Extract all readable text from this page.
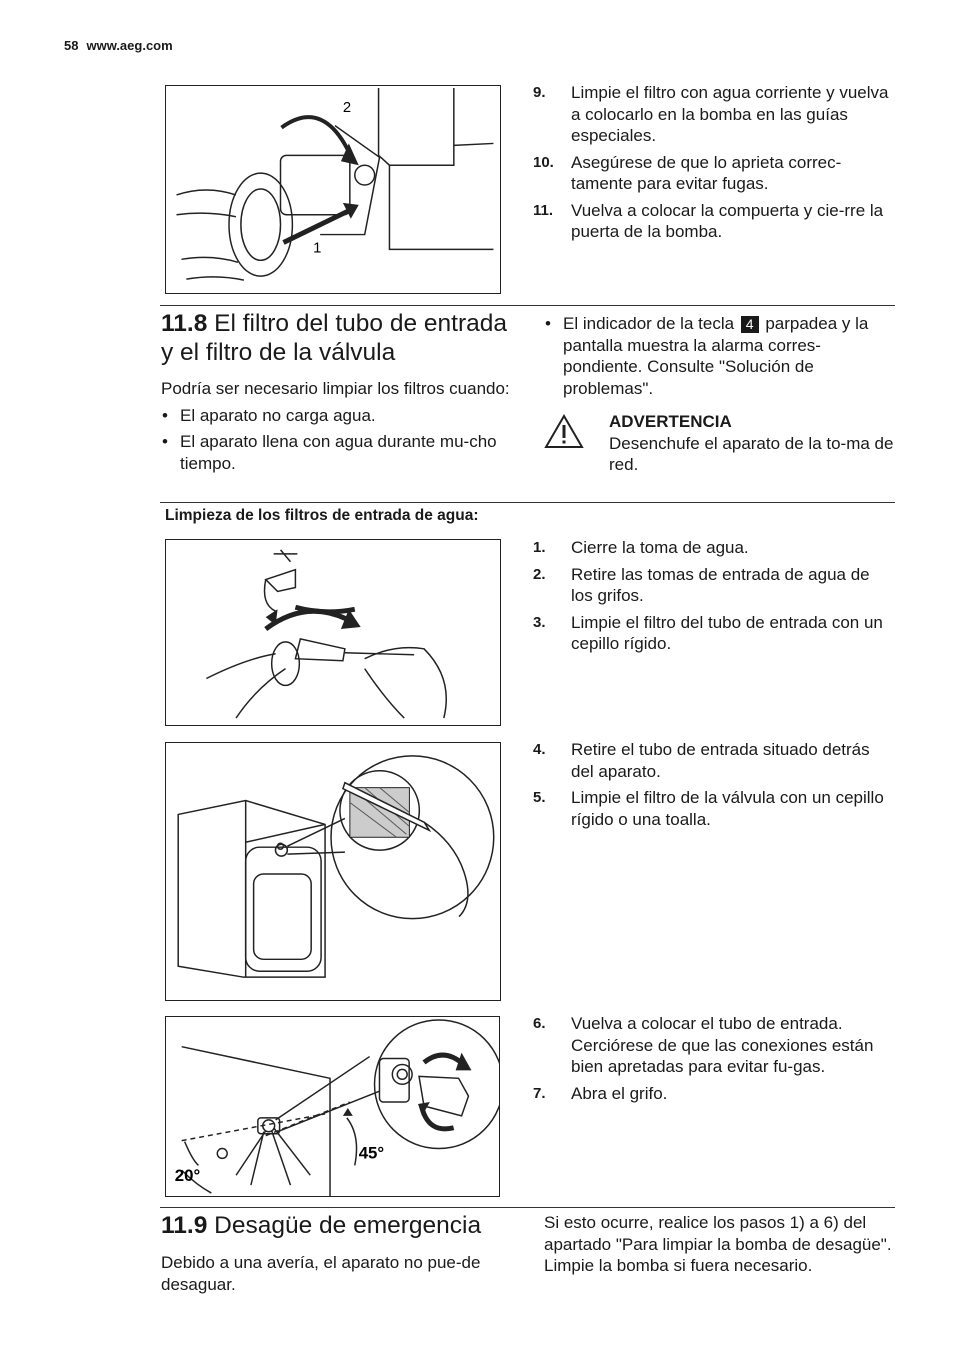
58 www.aeg.com
2
1
9. Limpie el filtro con agua corriente y vuelva a colocarlo en la bomba en las guías especiales.
10. Asegúrese de que lo aprieta correc-tamente para evitar fugas.
11. Vuelva a colocar la compuerta y cie-rre la puerta de la bomba.
11.8 El filtro del tubo de entrada y el filtro de la válvula
Podría ser necesario limpiar los filtros cuando:
• El aparato no carga agua.
• El aparato llena con agua durante mu-cho tiempo.
• El indicador de la tecla 4 parpadea y la pantalla muestra la alarma corres-pondiente. Consulte "Solución de problemas".
ADVERTENCIA
Desenchufe el aparato de la to-ma de red.
Limpieza de los filtros de entrada de agua:
1. Cierre la toma de agua.
2. Retire las tomas de entrada de agua de los grifos.
3. Limpie el filtro del tubo de entrada con un cepillo rígido.
4. Retire el tubo de entrada situado detrás del aparato.
5. Limpie el filtro de la válvula con un cepillo rígido o una toalla.
45°
20°
6. Vuelva a colocar el tubo de entrada. Cerciórese de que las conexiones están bien apretadas para evitar fu-gas.
7. Abra el grifo.
11.9 Desagüe de emergencia
Debido a una avería, el aparato no pue-de desaguar.
Si esto ocurre, realice los pasos 1) a 6) del apartado "Para limpiar la bomba de desagüe".
Limpie la bomba si fuera necesario.
